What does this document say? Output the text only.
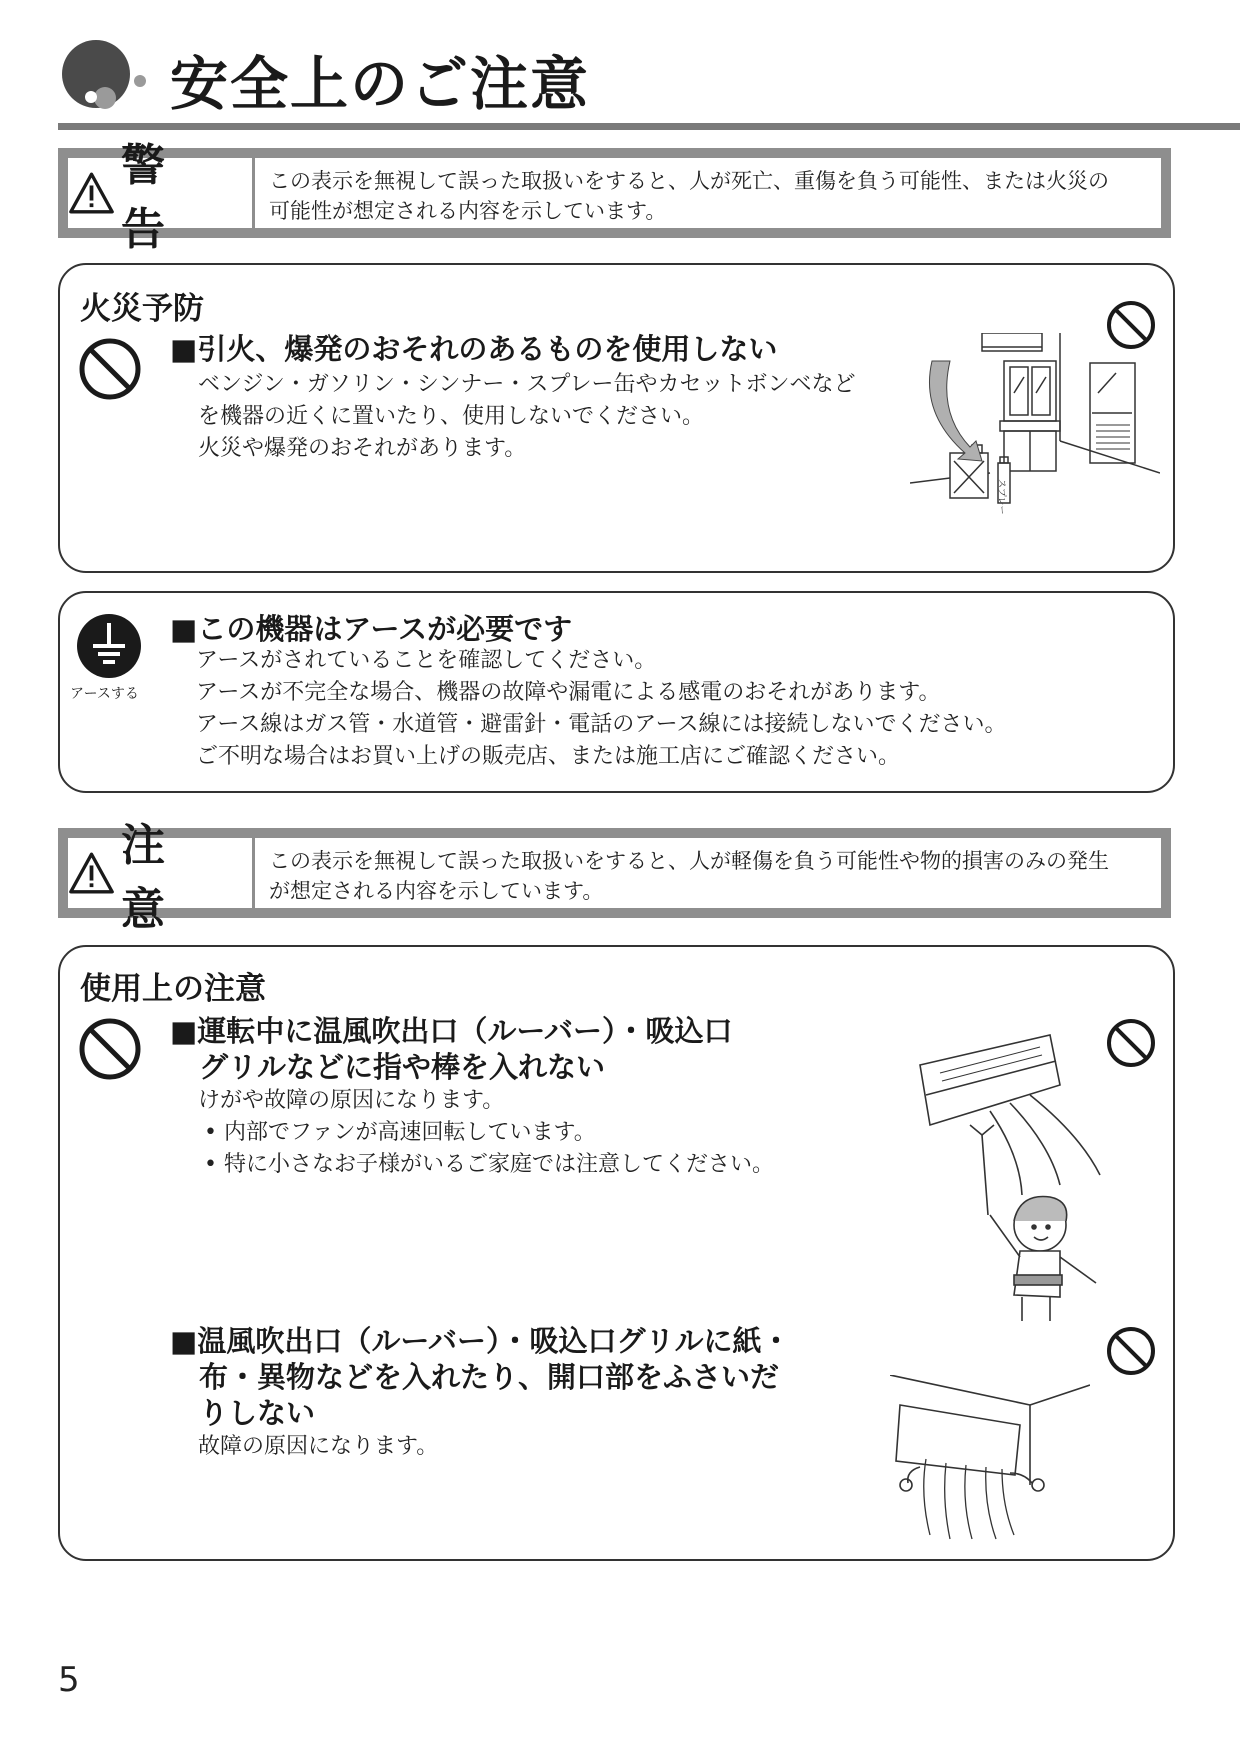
安全上のご注意
警 告
この表示を無視して誤った取扱いをすると、人が死亡、重傷を負う可能性、または火災の
可能性が想定される内容を示しています。
火災予防
■引火、爆発のおそれのあるものを使用しない
ベンジン・ガソリン・シンナー・スプレー缶やカセットボンベなど
を機器の近くに置いたり、使用しないでください。
火災や爆発のおそれがあります。
スプレー
アースする
■この機器はアースが必要です
アースがされていることを確認してください。
アースが不完全な場合、機器の故障や漏電による感電のおそれがあります。
アース線はガス管・水道管・避雷針・電話のアース線には接続しないでください。
ご不明な場合はお買い上げの販売店、または施工店にご確認ください。
注 意
この表示を無視して誤った取扱いをすると、人が軽傷を負う可能性や物的損害のみの発生
が想定される内容を示しています。
使用上の注意
■運転中に温風吹出口（ルーバー）・吸込口
　グリルなどに指や棒を入れない
けがや故障の原因になります。
• 内部でファンが高速回転しています。
• 特に小さなお子様がいるご家庭では注意してください。
■温風吹出口（ルーバー）・吸込口グリルに紙・
　布・異物などを入れたり、開口部をふさいだ
　りしない
故障の原因になります。
5
